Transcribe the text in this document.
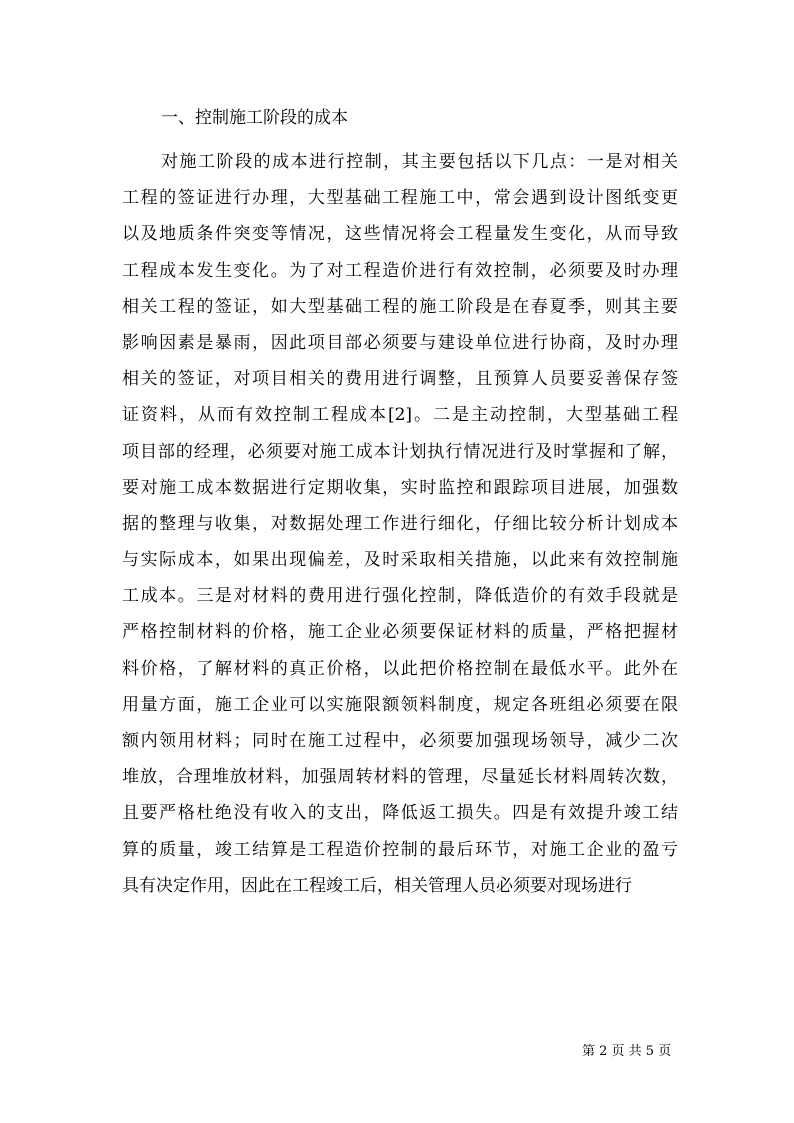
一、控制施工阶段的成本
对施工阶段的成本进行控制，其主要包括以下几点：一是对相关
工程的签证进行办理，大型基础工程施工中，常会遇到设计图纸变更
以及地质条件突变等情况，这些情况将会工程量发生变化，从而导致
工程成本发生变化。为了对工程造价进行有效控制，必须要及时办理
相关工程的签证，如大型基础工程的施工阶段是在春夏季，则其主要
影响因素是暴雨，因此项目部必须要与建设单位进行协商，及时办理
相关的签证，对项目相关的费用进行调整，且预算人员要妥善保存签
证资料，从而有效控制工程成本[2]。二是主动控制，大型基础工程
项目部的经理，必须要对施工成本计划执行情况进行及时掌握和了解，
要对施工成本数据进行定期收集，实时监控和跟踪项目进展，加强数
据的整理与收集，对数据处理工作进行细化，仔细比较分析计划成本
与实际成本，如果出现偏差，及时采取相关措施，以此来有效控制施
工成本。三是对材料的费用进行强化控制，降低造价的有效手段就是
严格控制材料的价格，施工企业必须要保证材料的质量，严格把握材
料价格，了解材料的真正价格，以此把价格控制在最低水平。此外在
用量方面，施工企业可以实施限额领料制度，规定各班组必须要在限
额内领用材料；同时在施工过程中，必须要加强现场领导，减少二次
堆放，合理堆放材料，加强周转材料的管理，尽量延长材料周转次数，
且要严格杜绝没有收入的支出，降低返工损失。四是有效提升竣工结
算的质量，竣工结算是工程造价控制的最后环节，对施工企业的盈亏
具有决定作用，因此在工程竣工后，相关管理人员必须要对现场进行
第 2 页 共 5 页
